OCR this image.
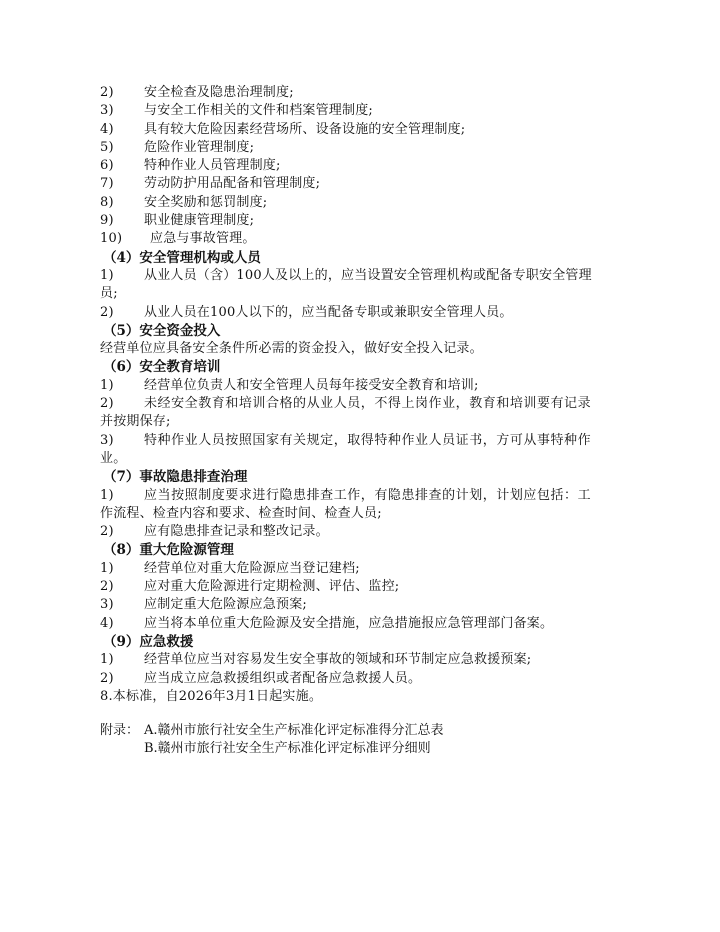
2) 安全检查及隐患治理制度;
3) 与安全工作相关的文件和档案管理制度;
4) 具有较大危险因素经营场所、设备设施的安全管理制度;
5) 危险作业管理制度;
6) 特种作业人员管理制度;
7) 劳动防护用品配备和管理制度;
8) 安全奖励和惩罚制度;
9) 职业健康管理制度;
10) 应急与事故管理。
（4）安全管理机构或人员
1) 从业人员（含）100人及以上的，应当设置安全管理机构或配备专职安全管理
员;
2) 从业人员在100人以下的，应当配备专职或兼职安全管理人员。
（5）安全资金投入
经营单位应具备安全条件所必需的资金投入，做好安全投入记录。
（6）安全教育培训
1) 经营单位负责人和安全管理人员每年接受安全教育和培训;
2) 未经安全教育和培训合格的从业人员，不得上岗作业，教育和培训要有记录
并按期保存;
3) 特种作业人员按照国家有关规定，取得特种作业人员证书，方可从事特种作
业。
（7）事故隐患排查治理
1) 应当按照制度要求进行隐患排查工作，有隐患排查的计划，计划应包括：工
作流程、检查内容和要求、检查时间、检查人员;
2) 应有隐患排查记录和整改记录。
（8）重大危险源管理
1) 经营单位对重大危险源应当登记建档;
2) 应对重大危险源进行定期检测、评估、监控;
3) 应制定重大危险源应急预案;
4) 应当将本单位重大危险源及安全措施，应急措施报应急管理部门备案。
（9）应急救援
1) 经营单位应当对容易发生安全事故的领域和环节制定应急救援预案;
2) 应当成立应急救援组织或者配备应急救援人员。
8.本标准，自2026年3月1日起实施。
附录： A.赣州市旅行社安全生产标准化评定标准得分汇总表
B.赣州市旅行社安全生产标准化评定标准评分细则
